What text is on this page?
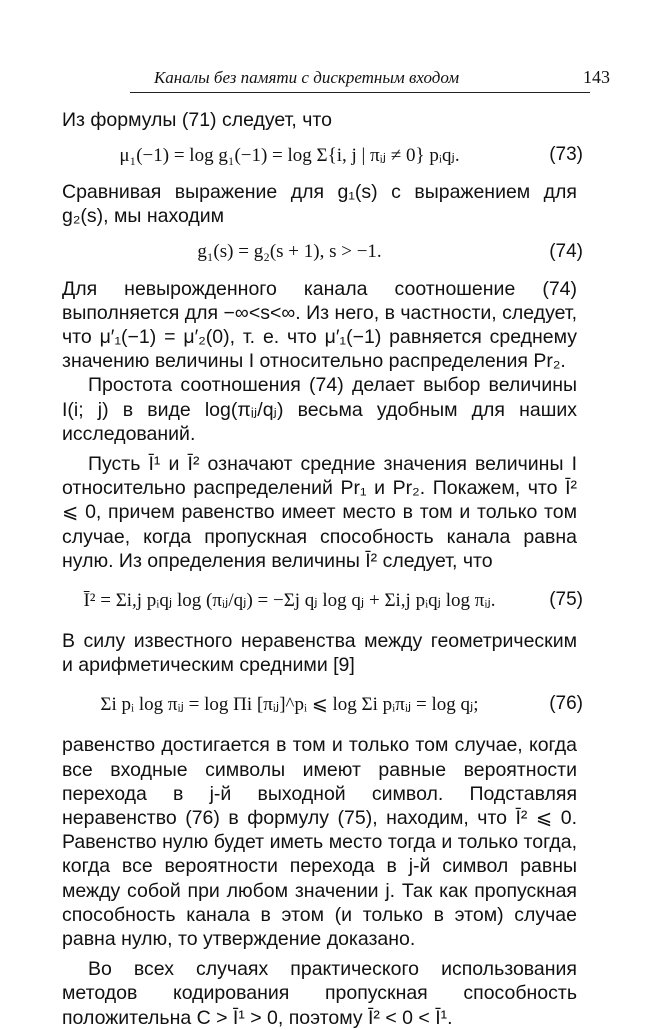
Каналы без памяти с дискретным входом	143

Из формулы (71) следует, что

μ₁(−1) = log g₁(−1) = log Σ{i, j | πᵢⱼ ≠ 0} pᵢqⱼ.	(73)

Сравнивая выражение для g₁(s) с выражением для g₂(s), мы находим

g₁(s) = g₂(s + 1), s > −1.	(74)

Для невырожденного канала соотношение (74) выполняется для −∞<s<∞. Из него, в частности, следует, что μ′₁(−1) = μ′₂(0), т. е. что μ′₁(−1) равняется среднему значению величины I относительно распределения Pr₂.

Простота соотношения (74) делает выбор величины I(i; j) в виде log(πᵢⱼ/qⱼ) весьма удобным для наших исследований.

Пусть Ī¹ и Ī² означают средние значения величины I относительно распределений Pr₁ и Pr₂. Покажем, что Ī² ⩽ 0, причем равенство имеет место в том и только том случае, когда пропускная способность канала равна нулю. Из определения величины Ī² следует, что

Ī² = Σi,j pᵢqⱼ log (πᵢⱼ/qⱼ) = −Σj qⱼ log qⱼ + Σi,j pᵢqⱼ log πᵢⱼ.	(75)

В силу известного неравенства между геометрическим и арифметическим средними [9]

Σi pᵢ log πᵢⱼ = log Πi [πᵢⱼ]^pᵢ ⩽ log Σi pᵢπᵢⱼ = log qⱼ;	(76)

равенство достигается в том и только том случае, когда все входные символы имеют равные вероятности перехода в j-й выходной символ. Подставляя неравенство (76) в формулу (75), находим, что Ī² ⩽ 0. Равенство нулю будет иметь место тогда и только тогда, когда все вероятности перехода в j-й символ равны между собой при любом значении j. Так как пропускная способность канала в этом (и только в этом) случае равна нулю, то утверждение доказано.

Во всех случаях практического использования методов кодирования пропускная способность положительна C > Ī¹ > 0, поэтому Ī² < 0 < Ī¹.
